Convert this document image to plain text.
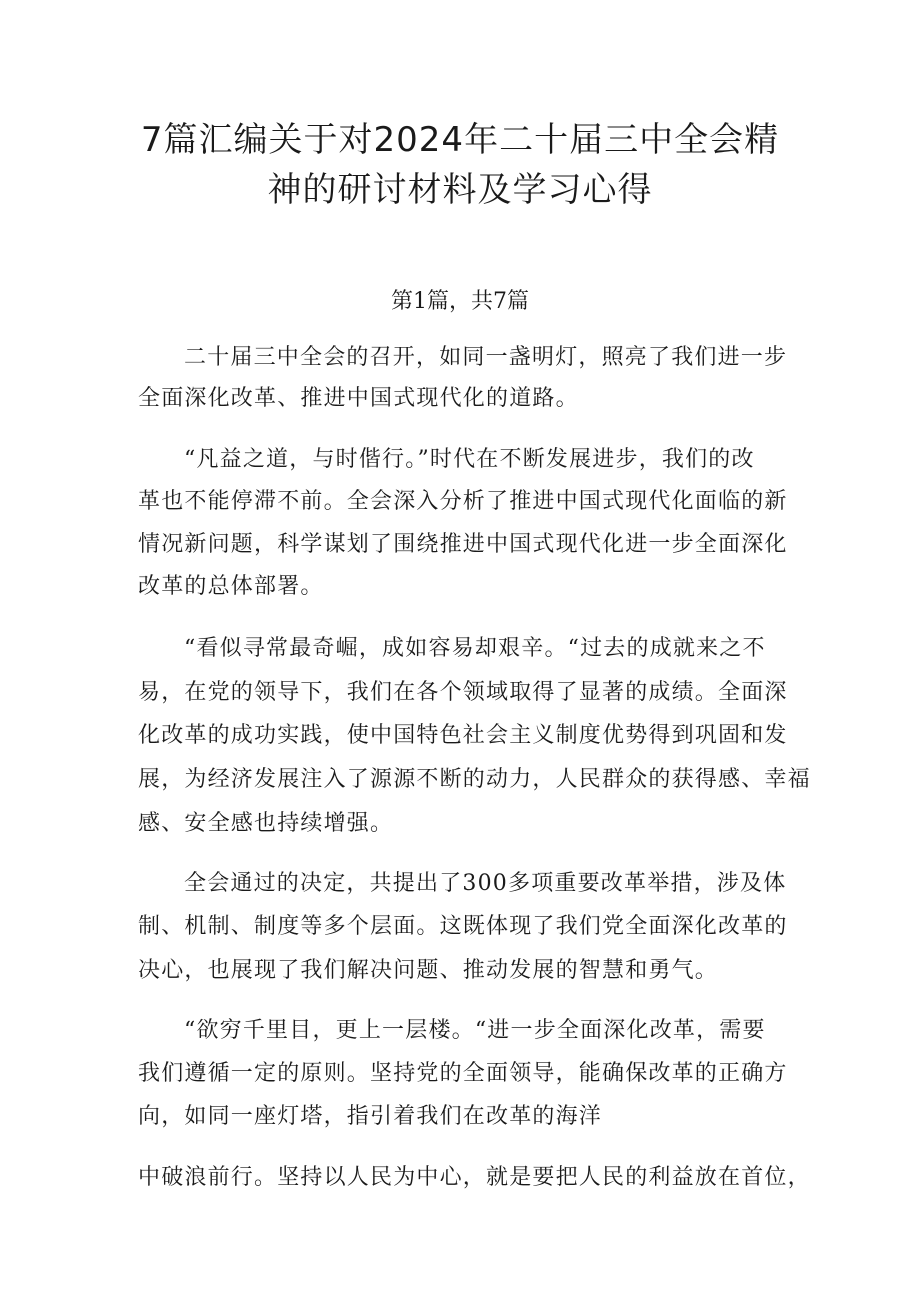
7篇汇编关于对2024年二十届三中全会精
神的研讨材料及学习心得

第1篇，共7篇

二十届三中全会的召开，如同一盏明灯，照亮了我们进一步

全面深化改革、推进中国式现代化的道路。

“凡益之道，与时偕行。”时代在不断发展进步，我们的改

革也不能停滞不前。全会深入分析了推进中国式现代化面临的新

情况新问题，科学谋划了围绕推进中国式现代化进一步全面深化

改革的总体部署。

“看似寻常最奇崛，成如容易却艰辛。“过去的成就来之不

易，在党的领导下，我们在各个领域取得了显著的成绩。全面深

化改革的成功实践，使中国特色社会主义制度优势得到巩固和发

展，为经济发展注入了源源不断的动力，人民群众的获得感、幸福

感、安全感也持续增强。

全会通过的决定，共提出了300多项重要改革举措，涉及体

制、机制、制度等多个层面。这既体现了我们党全面深化改革的

决心，也展现了我们解决问题、推动发展的智慧和勇气。

“欲穷千里目，更上一层楼。“进一步全面深化改革，需要

我们遵循一定的原则。坚持党的全面领导，能确保改革的正确方

向，如同一座灯塔，指引着我们在改革的海洋

中破浪前行。坚持以人民为中心，就是要把人民的利益放在首位，
